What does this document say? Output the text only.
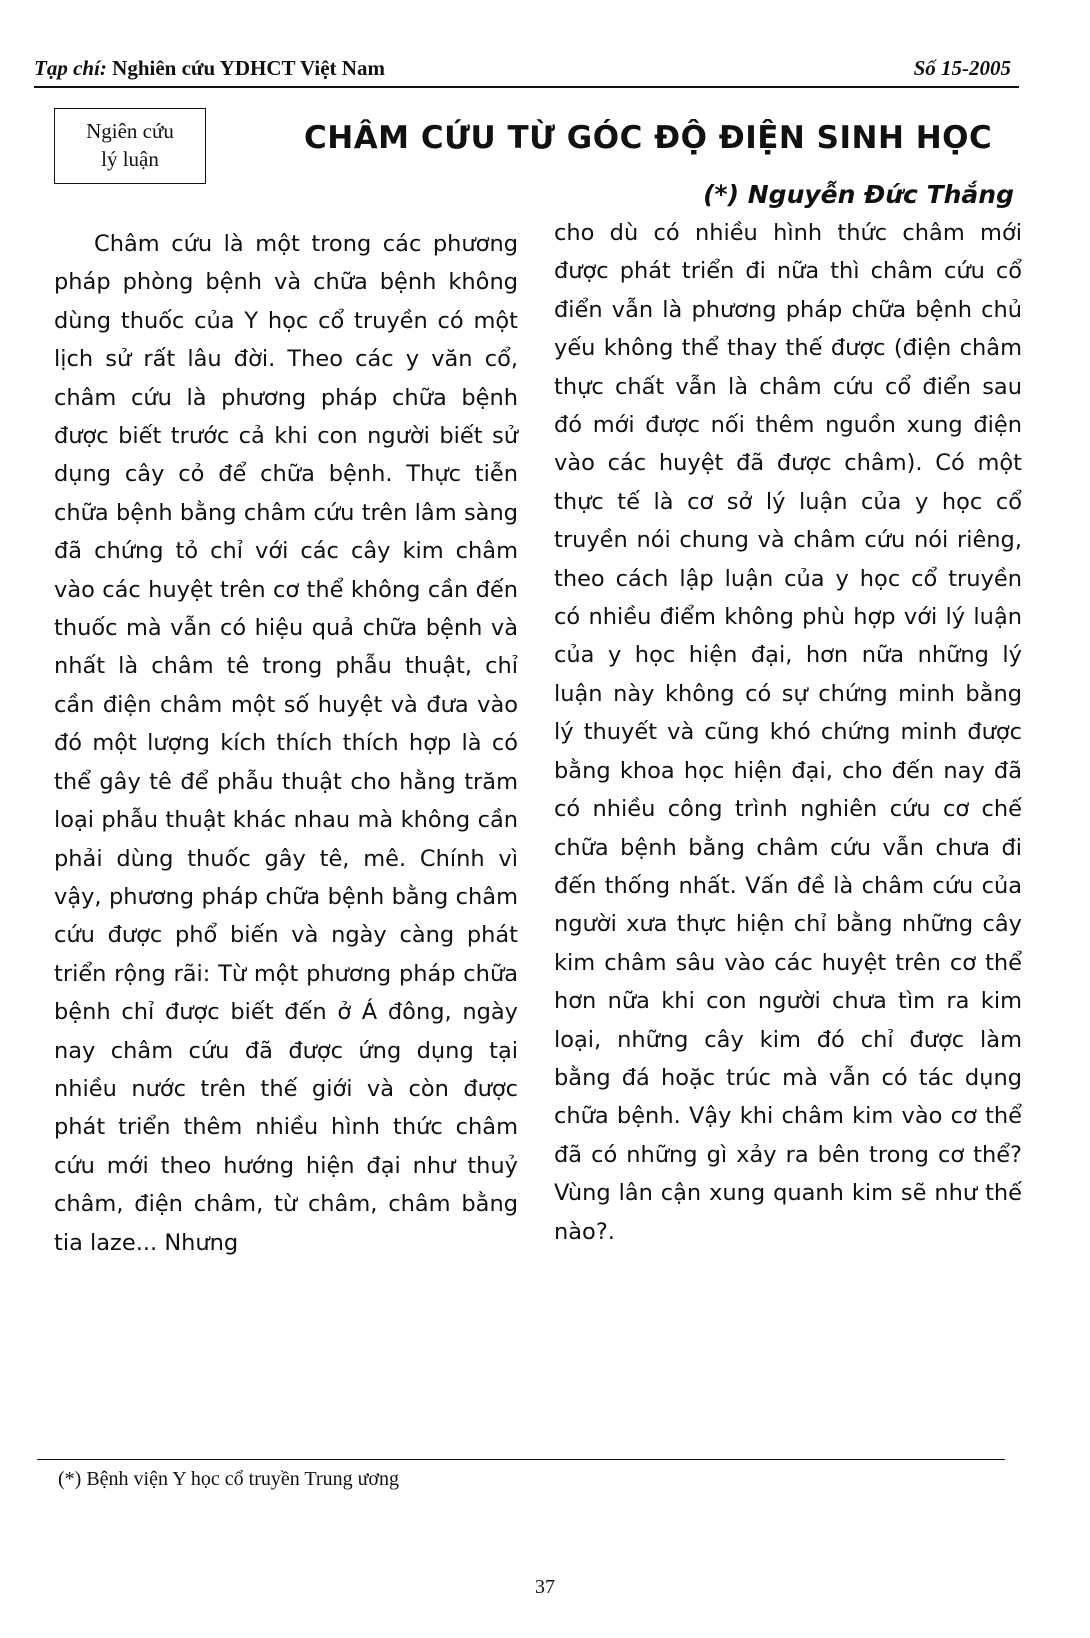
Tạp chí: Nghiên cứu YDHCT Việt Nam	Số 15-2005
Ngiên cứu
lý luận
CHÂM CỨU TỪ GÓC ĐỘ ĐIỆN SINH HỌC
(*) Nguyễn Đức Thắng
Châm cứu là một trong các phương pháp phòng bệnh và chữa bệnh không dùng thuốc của Y học cổ truyền có một lịch sử rất lâu đời. Theo các y văn cổ, châm cứu là phương pháp chữa bệnh được biết trước cả khi con người biết sử dụng cây cỏ để chữa bệnh. Thực tiễn chữa bệnh bằng châm cứu trên lâm sàng đã chứng tỏ chỉ với các cây kim châm vào các huyệt trên cơ thể không cần đến thuốc mà vẫn có hiệu quả chữa bệnh và nhất là châm tê trong phẫu thuật, chỉ cần điện châm một số huyệt và đưa vào đó một lượng kích thích thích hợp là có thể gây tê để phẫu thuật cho hằng trăm loại phẫu thuật khác nhau mà không cần phải dùng thuốc gây tê, mê. Chính vì vậy, phương pháp chữa bệnh bằng châm cứu được phổ biến và ngày càng phát triển rộng rãi: Từ một phương pháp chữa bệnh chỉ được biết đến ở Á đông, ngày nay châm cứu đã được ứng dụng tại nhiều nước trên thế giới và còn được phát triển thêm nhiều hình thức châm cứu mới theo hướng hiện đại như thuỷ châm, điện châm, từ châm, châm bằng tia laze... Nhưng
cho dù có nhiều hình thức châm mới được phát triển đi nữa thì châm cứu cổ điển vẫn là phương pháp chữa bệnh chủ yếu không thể thay thế được (điện châm thực chất vẫn là châm cứu cổ điển sau đó mới được nối thêm nguồn xung điện vào các huyệt đã được châm). Có một thực tế là cơ sở lý luận của y học cổ truyền nói chung và châm cứu nói riêng, theo cách lập luận của y học cổ truyền có nhiều điểm không phù hợp với lý luận của y học hiện đại, hơn nữa những lý luận này không có sự chứng minh bằng lý thuyết và cũng khó chứng minh được bằng khoa học hiện đại, cho đến nay đã có nhiều công trình nghiên cứu cơ chế chữa bệnh bằng châm cứu vẫn chưa đi đến thống nhất. Vấn đề là châm cứu của người xưa thực hiện chỉ bằng những cây kim châm sâu vào các huyệt trên cơ thể hơn nữa khi con người chưa tìm ra kim loại, những cây kim đó chỉ được làm bằng đá hoặc trúc mà vẫn có tác dụng chữa bệnh. Vậy khi châm kim vào cơ thể đã có những gì xảy ra bên trong cơ thể? Vùng lân cận xung quanh kim sẽ như thế nào?.
(*) Bệnh viện Y học cổ truyền Trung ương
37
